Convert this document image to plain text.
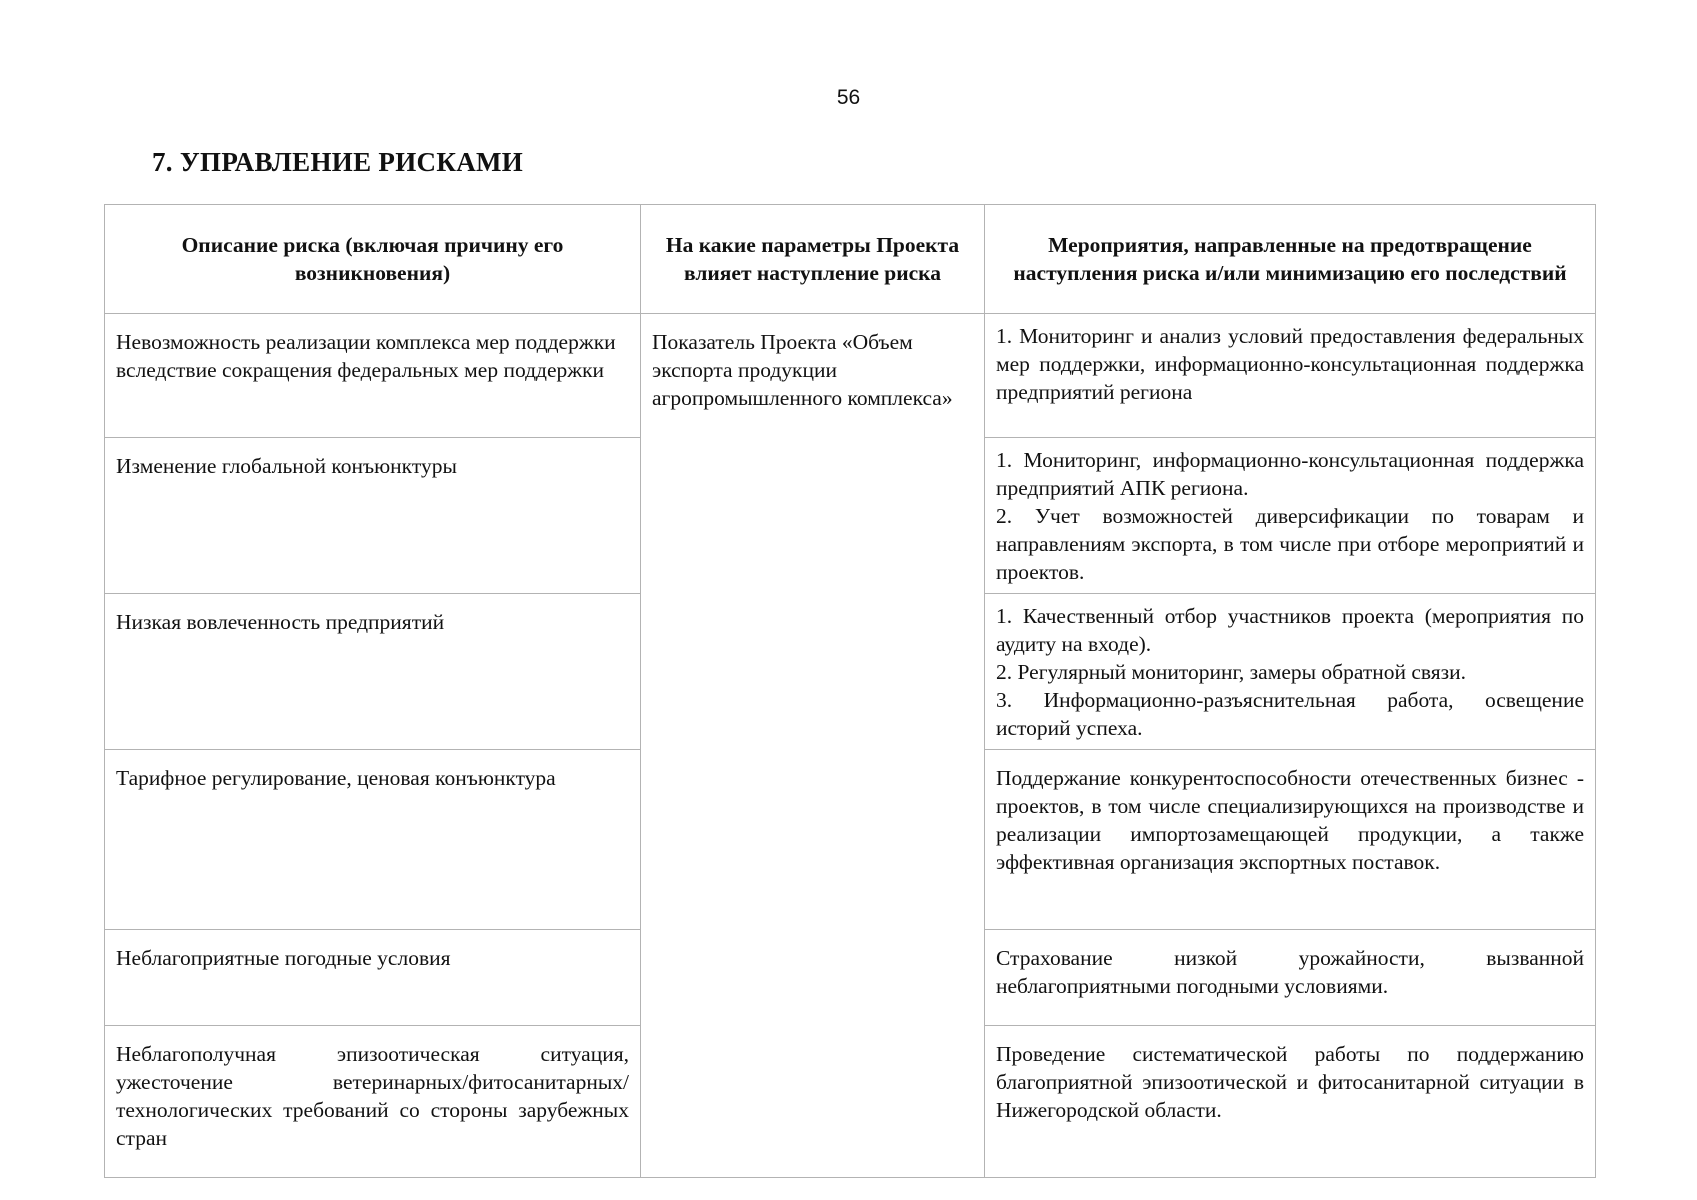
56
7. УПРАВЛЕНИЕ РИСКАМИ
Описание риска (включая причину его возникновения)	На какие параметры Проекта влияет наступление риска	Мероприятия, направленные на предотвращение наступления риска и/или минимизацию его последствий
Невозможность реализации комплекса мер поддержки вследствие сокращения федеральных мер поддержки	Показатель Проекта «Объем экспорта продукции агропромышленного комплекса»	1. Мониторинг и анализ условий предоставления федеральных мер поддержки, информационно-консультационная поддержка предприятий региона

Изменение глобальной конъюнктуры		1. Мониторинг, информационно-консультационная поддержка предприятий АПК региона.
2. Учет возможностей диверсификации по товарам и направлениям экспорта, в том числе при отборе мероприятий и проектов.

Низкая вовлеченность предприятий		1. Качественный отбор участников проекта (мероприятия по аудиту на входе).
2. Регулярный мониторинг, замеры обратной связи.
3. Информационно-разъяснительная работа, освещение историй успеха.

Тарифное регулирование, ценовая конъюнктура		Поддержание конкурентоспособности отечественных бизнес - проектов, в том числе специализирующихся на производстве и реализации импортозамещающей продукции, а также эффективная организация экспортных поставок.

Неблагоприятные погодные условия		Страхование низкой урожайности, вызванной неблагоприятными погодными условиями.

Неблагополучная эпизоотическая ситуация, ужесточение ветеринарных/фитосанитарных/технологических требований со стороны зарубежных стран		Проведение систематической работы по поддержанию благоприятной эпизоотической и фитосанитарной ситуации в Нижегородской области.
